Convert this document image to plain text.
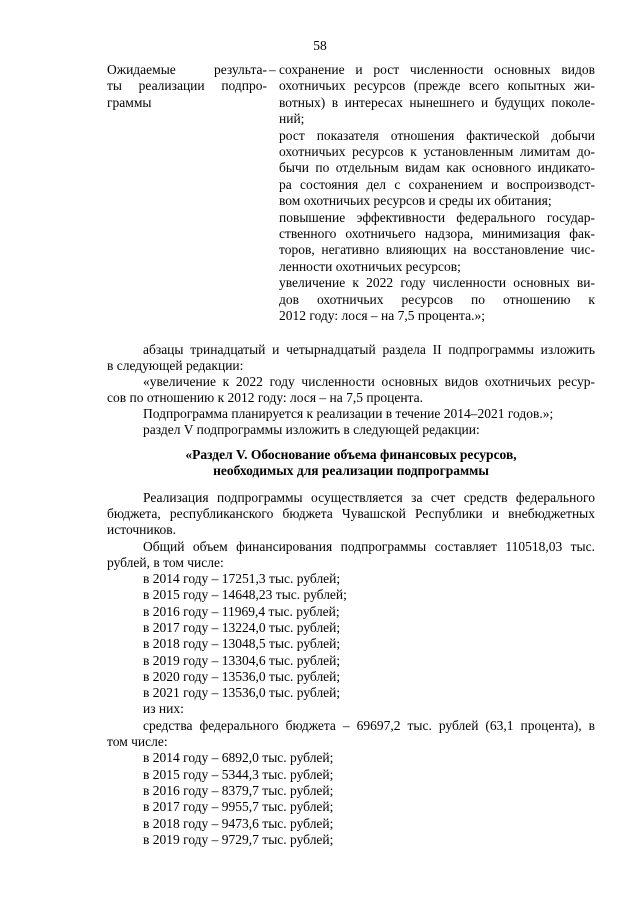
58
Ожидаемые результа-
ты реализации подпро-
граммы
– сохранение и рост численности основных видов
охотничьих ресурсов (прежде всего копытных жи-
вотных) в интересах нынешнего и будущих поколе-
ний;
рост показателя отношения фактической добычи
охотничьих ресурсов к установленным лимитам до-
бычи по отдельным видам как основного индикато-
ра состояния дел с сохранением и воспроизводст-
вом охотничьих ресурсов и среды их обитания;
повышение эффективности федерального государ-
ственного охотничьего надзора, минимизация фак-
торов, негативно влияющих на восстановление чис-
ленности охотничьих ресурсов;
увеличение к 2022 году численности основных ви-
дов охотничьих ресурсов по отношению к
2012 году: лося – на 7,5 процента.»;
абзацы тринадцатый и четырнадцатый раздела II подпрограммы изложить
в следующей редакции:
«увеличение к 2022 году численности основных видов охотничьих ресур-
сов по отношению к 2012 году: лося – на 7,5 процента.
Подпрограмма планируется к реализации в течение 2014–2021 годов.»;
раздел V подпрограммы изложить в следующей редакции:
«Раздел V. Обоснование объема финансовых ресурсов,
необходимых для реализации подпрограммы
Реализация подпрограммы осуществляется за счет средств федерального
бюджета, республиканского бюджета Чувашской Республики и внебюджетных
источников.
Общий объем финансирования подпрограммы составляет 110518,03 тыс.
рублей, в том числе:
в 2014 году – 17251,3 тыс. рублей;
в 2015 году – 14648,23 тыс. рублей;
в 2016 году – 11969,4 тыс. рублей;
в 2017 году – 13224,0 тыс. рублей;
в 2018 году – 13048,5 тыс. рублей;
в 2019 году – 13304,6 тыс. рублей;
в 2020 году – 13536,0 тыс. рублей;
в 2021 году – 13536,0 тыс. рублей;
из них:
средства федерального бюджета – 69697,2 тыс. рублей (63,1 процента), в
том числе:
в 2014 году – 6892,0 тыс. рублей;
в 2015 году – 5344,3 тыс. рублей;
в 2016 году – 8379,7 тыс. рублей;
в 2017 году – 9955,7 тыс. рублей;
в 2018 году – 9473,6 тыс. рублей;
в 2019 году – 9729,7 тыс. рублей;
